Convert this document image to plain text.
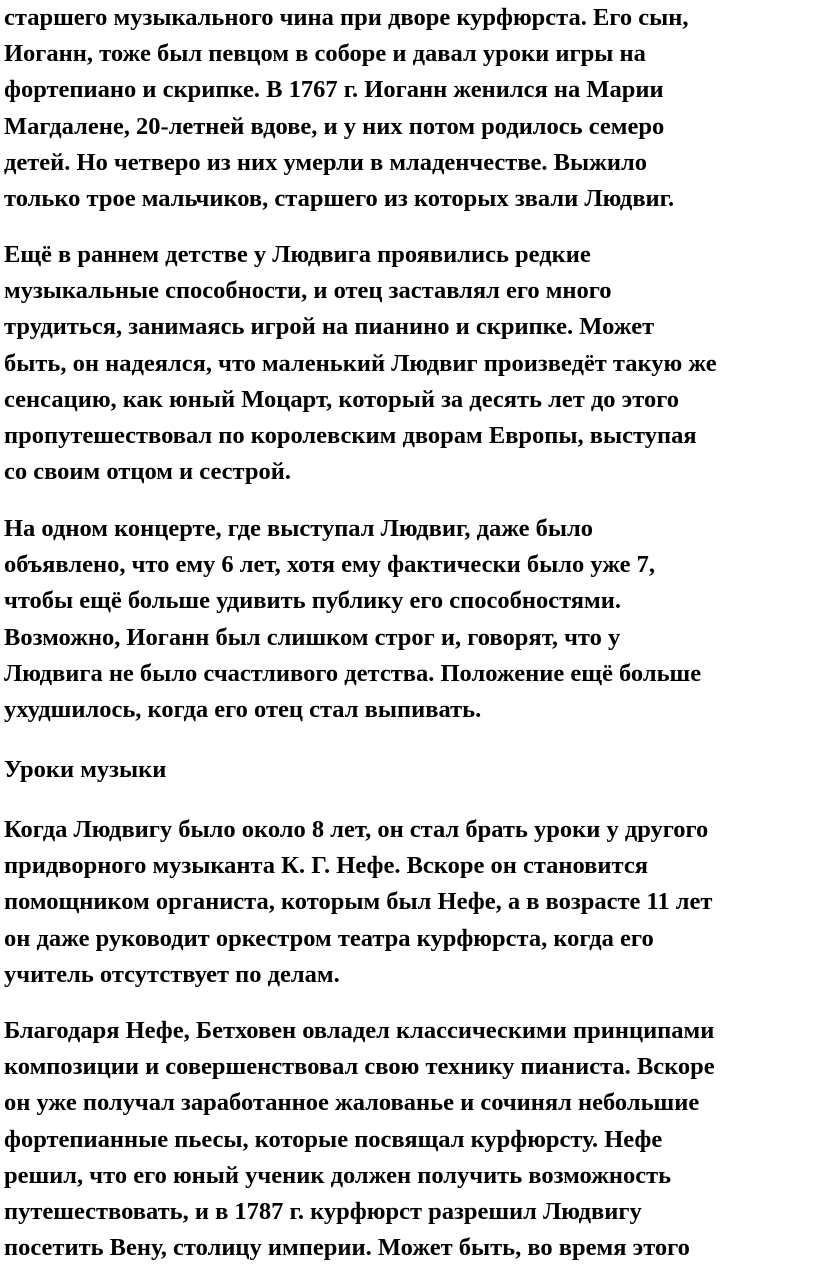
старшего музыкального чина при дворе курфюрста. Его сын,
Иоганн, тоже был певцом в соборе и давал уроки игры на
фортепиано и скрипке. В 1767 г. Иоганн женился на Марии
Магдалене, 20-летней вдове, и у них потом родилось семеро
детей. Но четверо из них умерли в младенчестве. Выжило
только трое мальчиков, старшего из которых звали Людвиг.

Ещё в раннем детстве у Людвига проявились редкие
музыкальные способности, и отец заставлял его много
трудиться, занимаясь игрой на пианино и скрипке. Может
быть, он надеялся, что маленький Людвиг произведёт такую же
сенсацию, как юный Моцарт, который за десять лет до этого
пропутешествовал по королевским дворам Европы, выступая
со своим отцом и сестрой.

На одном концерте, где выступал Людвиг, даже было
объявлено, что ему 6 лет, хотя ему фактически было уже 7,
чтобы ещё больше удивить публику его способностями.
Возможно, Иоганн был слишком строг и, говорят, что у
Людвига не было счастливого детства. Положение ещё больше
ухудшилось, когда его отец стал выпивать.

Уроки музыки

Когда Людвигу было около 8 лет, он стал брать уроки у другого
придворного музыканта К. Г. Нефе. Вскоре он становится
помощником органиста, которым был Нефе, а в возрасте 11 лет
он даже руководит оркестром театра курфюрста, когда его
учитель отсутствует по делам.

Благодаря Нефе, Бетховен овладел классическими принципами
композиции и совершенствовал свою технику пианиста. Вскоре
он уже получал заработанное жалованье и сочинял небольшие
фортепианные пьесы, которые посвящал курфюрсту. Нефе
решил, что его юный ученик должен получить возможность
путешествовать, и в 1787 г. курфюрст разрешил Людвигу
посетить Вену, столицу империи. Может быть, во время этого
